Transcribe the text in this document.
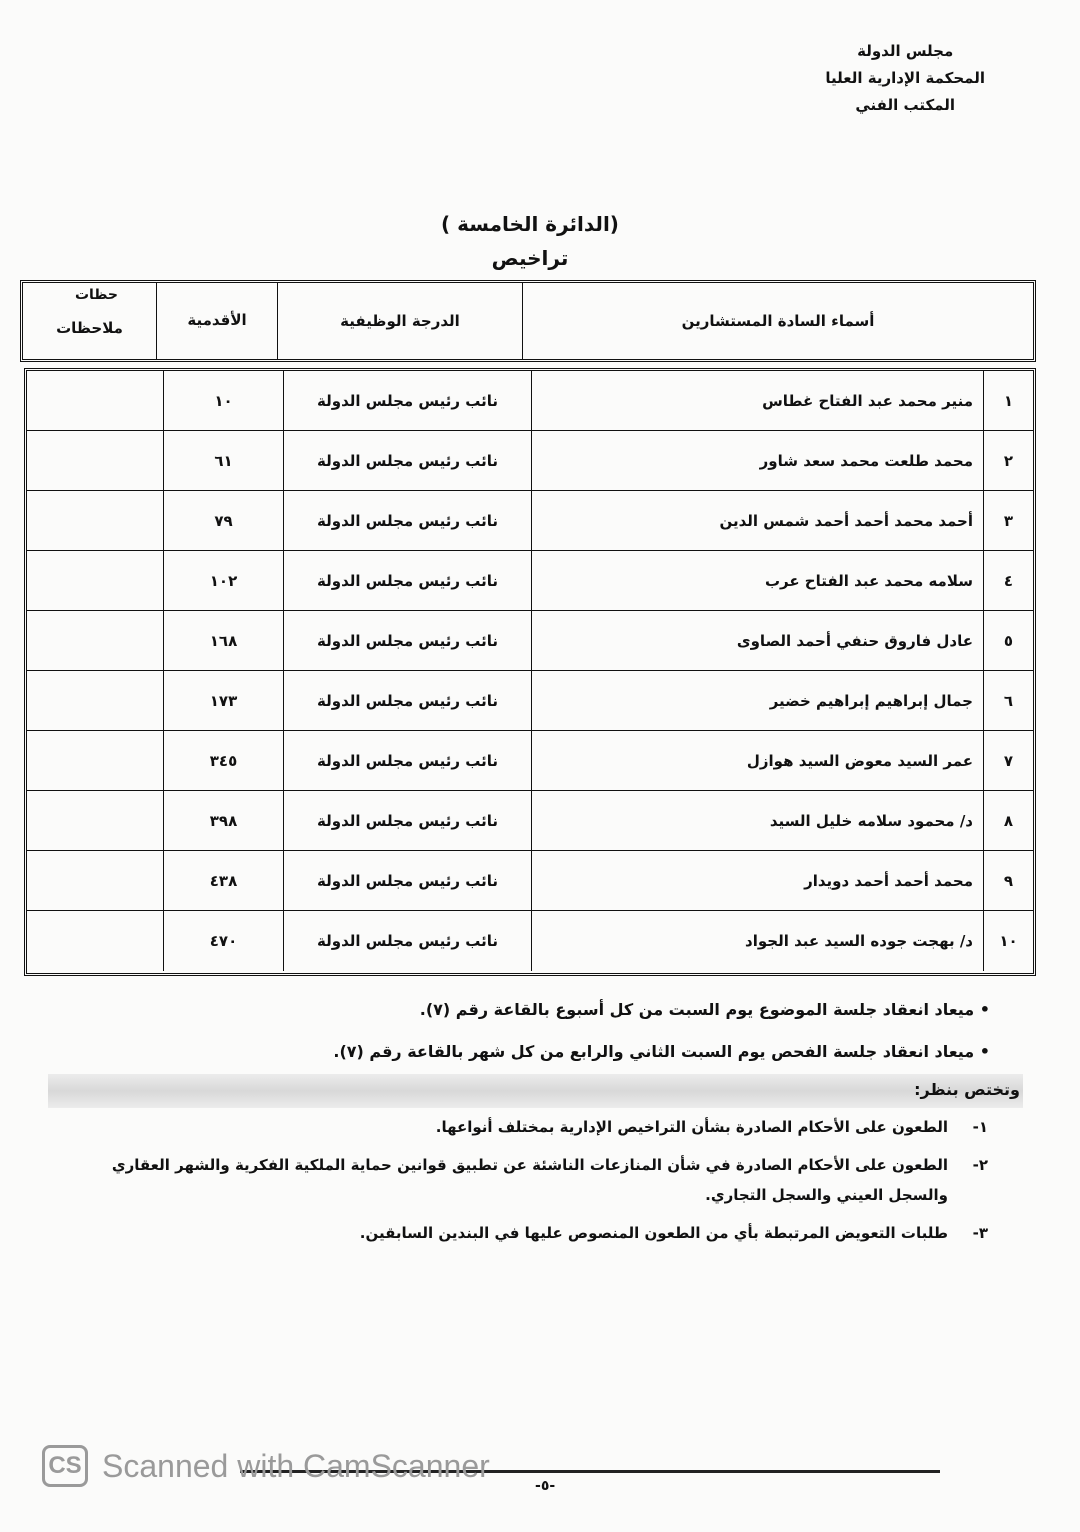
مجلس الدولة
المحكمة الإدارية العليا
المكتب الفني
(الدائرة الخامسة )
تراخيص
أسماء السادة المستشارين
الدرجة الوظيفية
الأقدمية
حظات
ملاحظات
١
منير محمد عبد الفتاح غطاس
نائب رئيس مجلس الدولة
١٠
٢
محمد طلعت محمد سعد شاور
نائب رئيس مجلس الدولة
٦١
٣
أحمد محمد أحمد أحمد شمس الدين
نائب رئيس مجلس الدولة
٧٩
٤
سلامه محمد عبد الفتاح عرب
نائب رئيس مجلس الدولة
١٠٢
٥
عادل فاروق حنفي أحمد الصاوى
نائب رئيس مجلس الدولة
١٦٨
٦
جمال إبراهيم إبراهيم خضير
نائب رئيس مجلس الدولة
١٧٣
٧
عمر السيد معوض السيد هوازل
نائب رئيس مجلس الدولة
٣٤٥
٨
د/ محمود سلامه خليل السيد
نائب رئيس مجلس الدولة
٣٩٨
٩
محمد أحمد أحمد دويدار
نائب رئيس مجلس الدولة
٤٣٨
١٠
د/ بهجت جوده السيد عبد الجواد
نائب رئيس مجلس الدولة
٤٧٠
• ميعاد انعقاد جلسة الموضوع يوم السبت من كل أسبوع بالقاعة رقم (٧).
• ميعاد انعقاد جلسة الفحص يوم السبت الثاني والرابع من كل شهر بالقاعة رقم (٧).
وتختص بنظر:
١-
الطعون على الأحكام الصادرة بشأن التراخيص الإدارية بمختلف أنواعها.
٢-
الطعون على الأحكام الصادرة في شأن المنازعات الناشئة عن تطبيق قوانين حماية الملكية الفكرية والشهر العقاري والسجل العيني والسجل التجاري.
٣-
طلبات التعويض المرتبطة بأي من الطعون المنصوص عليها في البندين السابقين.
-٥-
CS Scanned with CamScanner
